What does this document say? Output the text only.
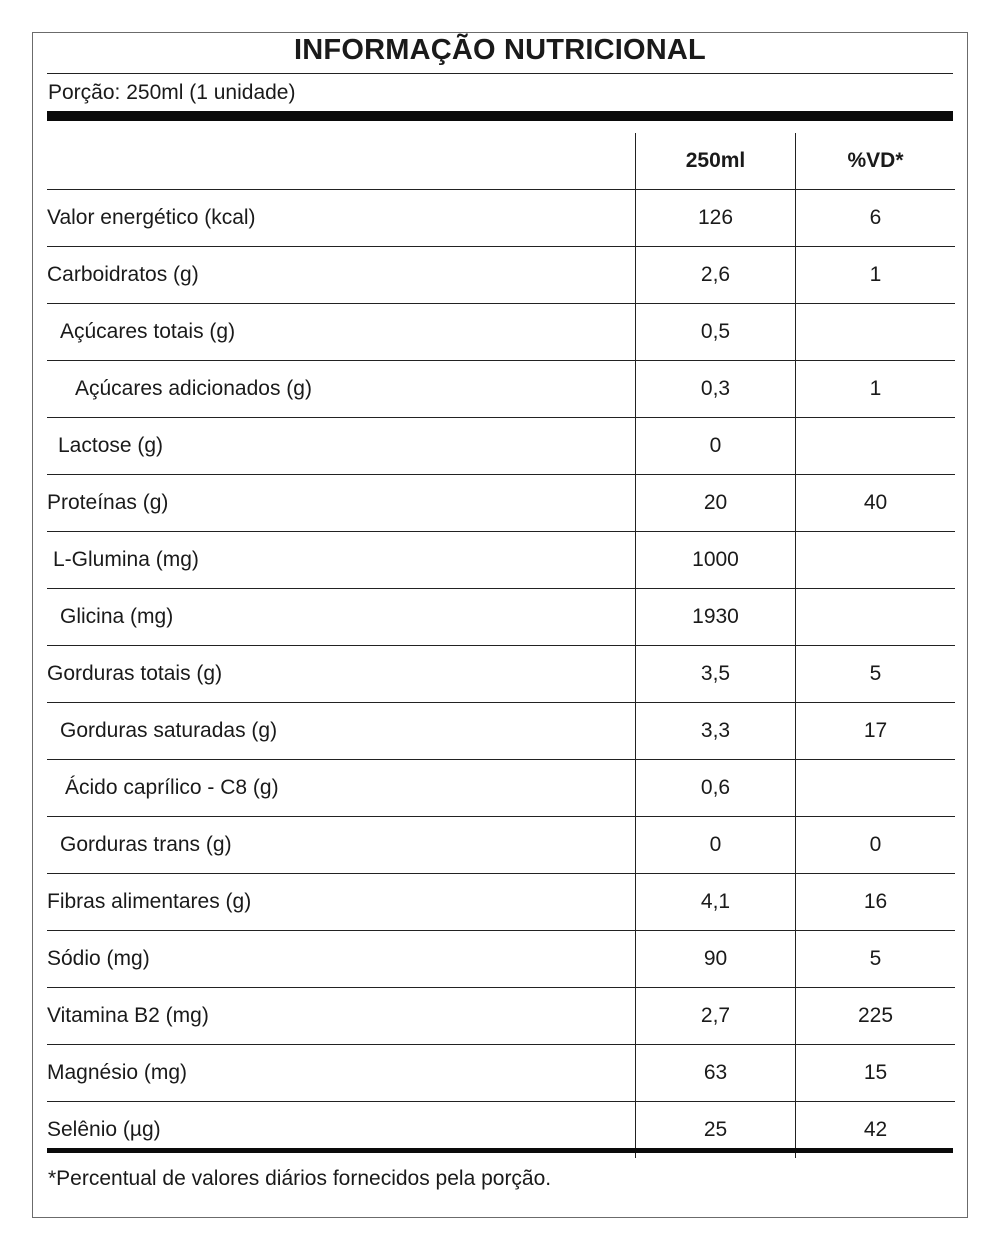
INFORMAÇÃO NUTRICIONAL
Porção: 250ml (1 unidade)
	250ml	%VD*
Valor energético (kcal)	126	6
Carboidratos (g)	2,6	1
Açúcares totais (g)	0,5	
Açúcares adicionados (g)	0,3	1
Lactose (g)	0	
Proteínas (g)	20	40
L-Glumina (mg)	1000	
Glicina (mg)	1930	
Gorduras totais (g)	3,5	5
Gorduras saturadas (g)	3,3	17
Ácido caprílico - C8 (g)	0,6	
Gorduras trans (g)	0	0
Fibras alimentares (g)	4,1	16
Sódio (mg)	90	5
Vitamina B2 (mg)	2,7	225
Magnésio (mg)	63	15
Selênio (µg)	25	42
*Percentual de valores diários fornecidos pela porção.
